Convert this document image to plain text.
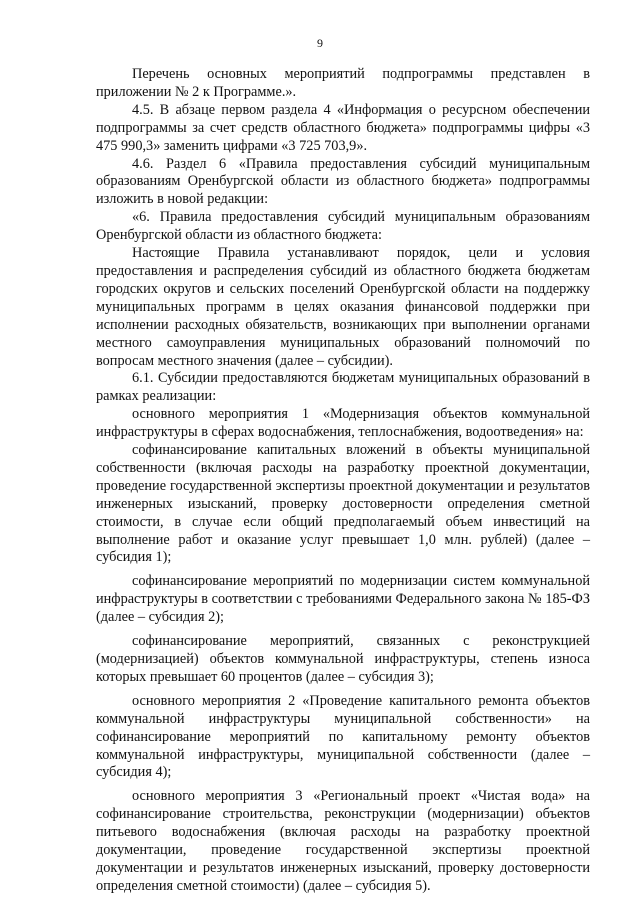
9

Перечень основных мероприятий подпрограммы представлен в приложении № 2 к Программе.».

4.5. В абзаце первом раздела 4 «Информация о ресурсном обеспечении подпрограммы за счет средств областного бюджета» подпрограммы цифры «3 475 990,3» заменить цифрами «3 725 703,9».

4.6. Раздел 6 «Правила предоставления субсидий муниципальным образованиям Оренбургской области из областного бюджета» подпрограммы изложить в новой редакции:

«6. Правила предоставления субсидий муниципальным образованиям Оренбургской области из областного бюджета:

Настоящие Правила устанавливают порядок, цели и условия предоставления и распределения субсидий из областного бюджета бюджетам городских округов и сельских поселений Оренбургской области на поддержку муниципальных программ в целях оказания финансовой поддержки при исполнении расходных обязательств, возникающих при выполнении органами местного самоуправления муниципальных образований полномочий по вопросам местного значения (далее – субсидии).

6.1. Субсидии предоставляются бюджетам муниципальных образований в рамках реализации:

основного мероприятия 1 «Модернизация объектов коммунальной инфраструктуры в сферах водоснабжения, теплоснабжения, водоотведения» на:

софинансирование капитальных вложений в объекты муниципальной собственности (включая расходы на разработку проектной документации, проведение государственной экспертизы проектной документации и результатов инженерных изысканий, проверку достоверности определения сметной стоимости, в случае если общий предполагаемый объем инвестиций на выполнение работ и оказание услуг превышает 1,0 млн. рублей) (далее – субсидия 1);

софинансирование мероприятий по модернизации систем коммунальной инфраструктуры в соответствии с требованиями Федерального закона № 185-ФЗ (далее – субсидия 2);

софинансирование мероприятий, связанных с реконструкцией (модернизацией) объектов коммунальной инфраструктуры, степень износа которых превышает 60 процентов (далее – субсидия 3);

основного мероприятия 2 «Проведение капитального ремонта объектов коммунальной инфраструктуры муниципальной собственности» на софинансирование мероприятий по капитальному ремонту объектов коммунальной инфраструктуры, муниципальной собственности (далее – субсидия 4);

основного мероприятия 3 «Региональный проект «Чистая вода» на софинансирование строительства, реконструкции (модернизации) объектов питьевого водоснабжения (включая расходы на разработку проектной документации, проведение государственной экспертизы проектной документации и результатов инженерных изысканий, проверку достоверности определения сметной стоимости) (далее – субсидия 5).
